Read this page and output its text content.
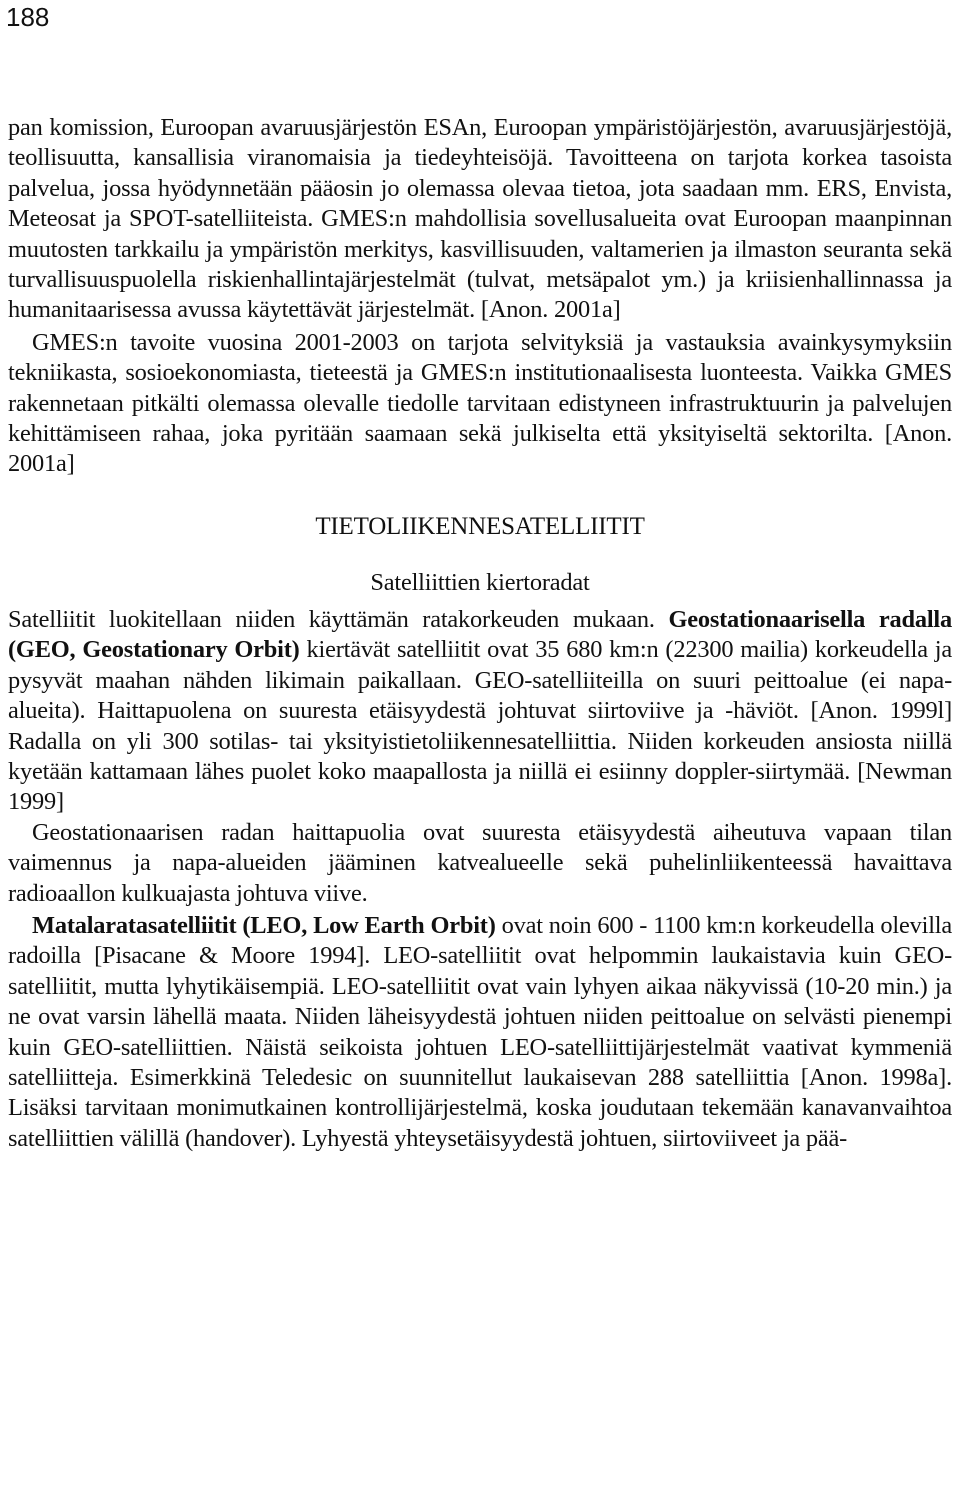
188

pan komission, Euroopan avaruusjärjestön ESAn, Euroopan ympäristöjärjestön, avaruusjärjestöjä, teollisuutta, kansallisia viranomaisia ja tiedeyhteisöjä. Tavoitteena on tarjota korkea tasoista palvelua, jossa hyödynnetään pääosin jo olemassa olevaa tietoa, jota saadaan mm. ERS, Envista, Meteosat ja SPOT-satelliiteista. GMES:n mahdollisia sovellusalueita ovat Euroopan maanpinnan muutosten tarkkailu ja ympäristön merkitys, kasvillisuuden, valtamerien ja ilmaston seuranta sekä turvallisuuspuolella riskienhallintajärjestelmät (tulvat, metsäpalot ym.) ja kriisienhallinnassa ja humanitaarisessa avussa käytettävät järjestelmät. [Anon. 2001a]

GMES:n tavoite vuosina 2001-2003 on tarjota selvityksiä ja vastauksia avainkysymyksiin tekniikasta, sosioekonomiasta, tieteestä ja GMES:n institutionaalisesta luonteesta. Vaikka GMES rakennetaan pitkälti olemassa olevalle tiedolle tarvitaan edistyneen infrastruktuurin ja palvelujen kehittämiseen rahaa, joka pyritään saamaan sekä julkiselta että yksityiseltä sektorilta. [Anon. 2001a]

TIETOLIIKENNESATELLIITIT

Satelliittien kiertoradat

Satelliitit luokitellaan niiden käyttämän ratakorkeuden mukaan. Geostationaarisella radalla (GEO, Geostationary Orbit) kiertävät satelliitit ovat 35 680 km:n (22300 mailia) korkeudella ja pysyvät maahan nähden likimain paikallaan. GEO-satelliiteilla on suuri peittoalue (ei napa-alueita). Haittapuolena on suuresta etäisyydestä johtuvat siirtoviive ja -häviöt. [Anon. 1999l] Radalla on yli 300 sotilas- tai yksityistietoliikennesatelliittia. Niiden korkeuden ansiosta niillä kyetään kattamaan lähes puolet koko maapallosta ja niillä ei esiinny doppler-siirtymää. [Newman 1999]

Geostationaarisen radan haittapuolia ovat suuresta etäisyydestä aiheutuva vapaan tilan vaimennus ja napa-alueiden jääminen katvealueelle sekä puhelinliikenteessä havaittava radioaallon kulkuajasta johtuva viive.

Matalaratasatelliitit (LEO, Low Earth Orbit) ovat noin 600 - 1100 km:n korkeudella olevilla radoilla [Pisacane & Moore 1994]. LEO-satelliitit ovat helpommin laukaistavia kuin GEO-satelliitit, mutta lyhytikäisempiä. LEO-satelliitit ovat vain lyhyen aikaa näkyvissä (10-20 min.) ja ne ovat varsin lähellä maata. Niiden läheisyydestä johtuen niiden peittoalue on selvästi pienempi kuin GEO-satelliittien. Näistä seikoista johtuen LEO-satelliittijärjestelmät vaativat kymmeniä satelliitteja. Esimerkkinä Teledesic on suunnitellut laukaisevan 288 satelliittia [Anon. 1998a]. Lisäksi tarvitaan monimutkainen kontrollijärjestelmä, koska joudutaan tekemään kanavanvaihtoa satelliittien välillä (handover). Lyhyestä yhteysetäisyydestä johtuen, siirtoviiveet ja pää-
